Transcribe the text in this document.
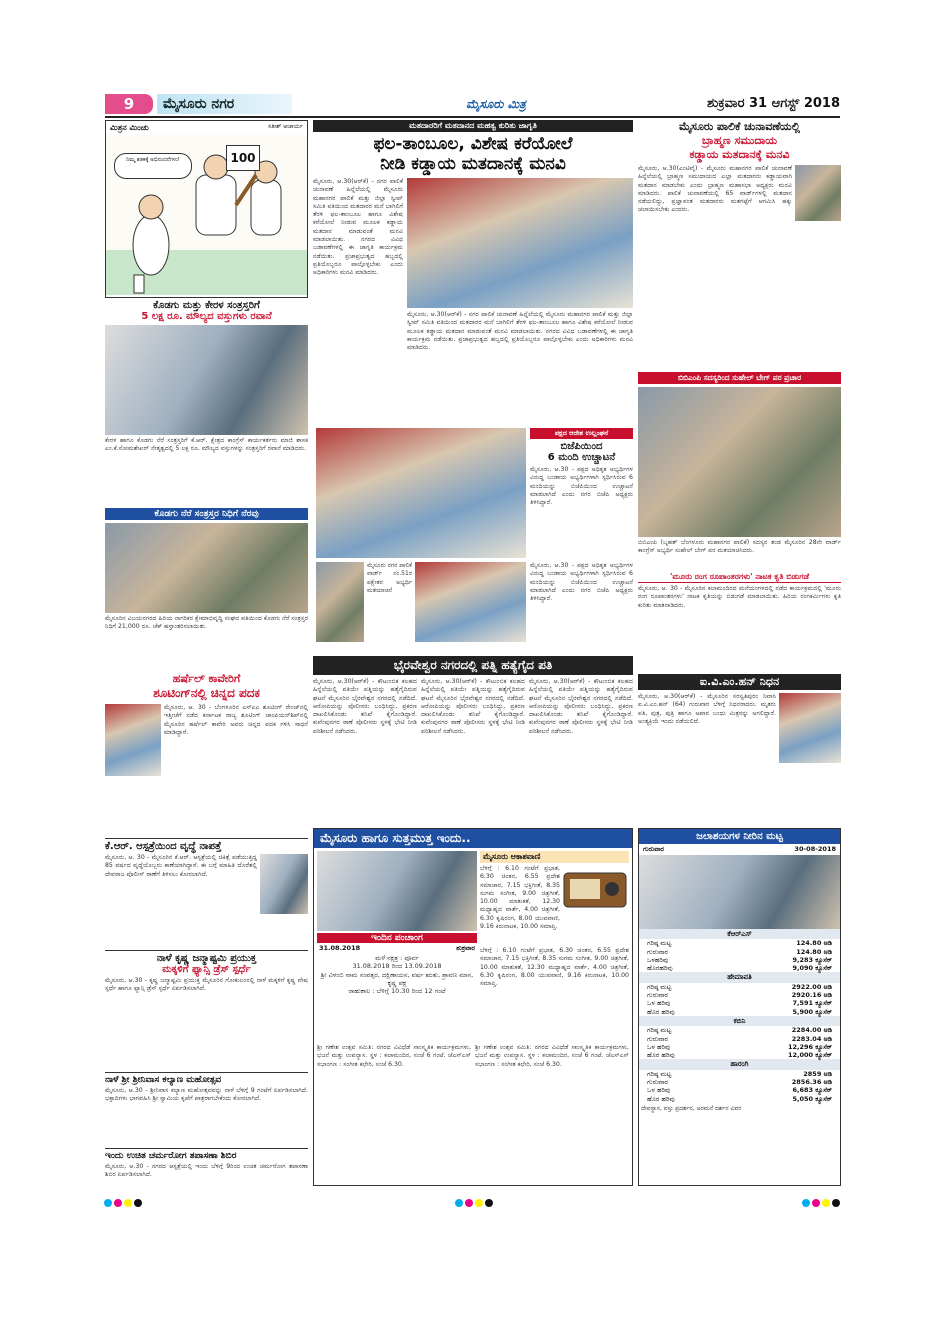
9	ಮೈಸೂರು ನಗರ	ಮೈಸೂರು ಮಿತ್ರ	ಶುಕ್ರವಾರ 31 ಆಗಸ್ಟ್ 2018
ಮಿತ್ರನ ಮಿಂಚು	ಸತೀಶ್ ಆಚಾರ್ಯ
ನಿಮ್ಮ ಶತಕಕ್ಕೆ ಅಭಿನಂದನೆಗಳು!	100
ಕೊಡಗು ಮತ್ತು ಕೇರಳ ಸಂತ್ರಸ್ತರಿಗೆ
5 ಲಕ್ಷ ರೂ. ಮೌಲ್ಯದ ವಸ್ತುಗಳು ರವಾನೆ
ಕೇರಳ ಹಾಗೂ ಕೊಡಗು ನೆರೆ ಸಂತ್ರಸ್ತರಿಗೆ ಕೆ.ಆರ್. ಕ್ಷೇತ್ರದ ಕಾಂಗ್ರೆಸ್ ಕಾರ್ಯಕರ್ತರು ಮಾಜಿ ಶಾಸಕ ಎಂ.ಕೆ.ಸೋಮಶೇಖರ್ ನೇತೃತ್ವದಲ್ಲಿ 5 ಲಕ್ಷ ರೂ. ಮೌಲ್ಯದ ವಸ್ತುಗಳನ್ನು ಸಂತ್ರಸ್ತರಿಗೆ ರವಾನೆ ಮಾಡಿದರು.
ಕೊಡಗು ನೆರೆ ಸಂತ್ರಸ್ತರ ನಿಧಿಗೆ ನೆರವು
ಮೈಸೂರಿನ ವಿಜಯನಗರದ ಹಿರಿಯ ನಾಗರಿಕರ ಕ್ಷೇಮಾಭಿವೃದ್ಧಿ ಸಂಘದ ವತಿಯಿಂದ ಕೊಡಗು ನೆರೆ ಸಂತ್ರಸ್ತರ ನಿಧಿಗೆ 21,000 ರೂ. ಚೆಕ್ ಹಸ್ತಾಂತರಿಸಲಾಯಿತು.
ಹರ್ಷೆಲ್ ಕಾವೇರಿಗೆ
ಶೂಟಿಂಗ್‌ನಲ್ಲಿ ಚಿನ್ನದ ಪದಕ
ಮೈಸೂರು, ಆ. 30 - ಬೆಂಗಳೂರಿನ ಎಸ್‌ಎಎ ಶೂಟಿಂಗ್ ರೇಂಜ್‌ನಲ್ಲಿ ಇತ್ತೀಚೆಗೆ ನಡೆದ ಕರ್ನಾಟಕ ರಾಜ್ಯ ಶೂಟಿಂಗ್ ಚಾಂಪಿಯನ್‌ಶಿಪ್‌ನಲ್ಲಿ ಮೈಸೂರಿನ ಹರ್ಷೆಲ್ ಕಾವೇರಿ ಅವರು ಚಿನ್ನದ ಪದಕ ಗಳಿಸಿ ಸಾಧನೆ ಮಾಡಿದ್ದಾರೆ.
ಕೆ.ಆರ್. ಆಸ್ಪತ್ರೆಯಿಂದ ವೃದ್ಧೆ ನಾಪತ್ತೆ
ಮೈಸೂರು, ಆ. 30 - ಮೈಸೂರಿನ ಕೆ.ಆರ್. ಆಸ್ಪತ್ರೆಯಲ್ಲಿ ಚಿಕಿತ್ಸೆ ಪಡೆಯುತ್ತಿದ್ದ 85 ವರ್ಷದ ವೃದ್ಧೆಯೊಬ್ಬರು ಕಾಣೆಯಾಗಿದ್ದಾರೆ. ಈ ಬಗ್ಗೆ ಮಾಹಿತಿ ದೊರೆತಲ್ಲಿ ದೇವರಾಜ ಪೊಲೀಸ್ ಠಾಣೆಗೆ ತಿಳಿಸಲು ಕೋರಲಾಗಿದೆ.
ನಾಳೆ ಕೃಷ್ಣ ಜನ್ಮಾಷ್ಟಮಿ ಪ್ರಯುಕ್ತ
ಮಕ್ಕಳಿಗೆ ಫ್ಯಾನ್ಸಿ ಡ್ರೆಸ್ ಸ್ಪರ್ಧೆ
ಮೈಸೂರು, ಆ.30 - ಕೃಷ್ಣ ಜನ್ಮಾಷ್ಟಮಿ ಪ್ರಯುಕ್ತ ಮೈಸೂರಿನ ಗೋಕುಲಂನಲ್ಲಿ ನಾಳೆ ಮಕ್ಕಳಿಗೆ ಕೃಷ್ಣ ವೇಷ ಸ್ಪರ್ಧೆ ಹಾಗೂ ಫ್ಯಾನ್ಸಿ ಡ್ರೆಸ್ ಸ್ಪರ್ಧೆ ಏರ್ಪಡಿಸಲಾಗಿದೆ.
ನಾಳೆ ಶ್ರೀ ಶ್ರೀನಿವಾಸ ಕಲ್ಯಾಣ ಮಹೋತ್ಸವ
ಮೈಸೂರು, ಆ.30 - ಶ್ರೀನಿವಾಸ ಕಲ್ಯಾಣ ಮಹೋತ್ಸವವನ್ನು ನಾಳೆ ಬೆಳಿಗ್ಗೆ 9 ಗಂಟೆಗೆ ಏರ್ಪಡಿಸಲಾಗಿದೆ. ಭಕ್ತಾದಿಗಳು ಭಾಗವಹಿಸಿ ಶ್ರೀ ಸ್ವಾಮಿಯ ಕೃಪೆಗೆ ಪಾತ್ರರಾಗಬೇಕೆಂದು ಕೋರಲಾಗಿದೆ.
ಇಂದು ಉಚಿತ ಚರ್ಮರೋಗ ತಪಾಸಣಾ ಶಿಬಿರ
ಮೈಸೂರು, ಆ.30 - ನಗರದ ಆಸ್ಪತ್ರೆಯಲ್ಲಿ ಇಂದು ಬೆಳಿಗ್ಗೆ 9ರಿಂದ ಉಚಿತ ಚರ್ಮರೋಗ ತಪಾಸಣಾ ಶಿಬಿರ ಏರ್ಪಡಿಸಲಾಗಿದೆ.
ಮತದಾರರಿಗೆ ಮತದಾನದ ಮಹತ್ವ ಕುರಿತು ಜಾಗೃತಿ
ಫಲ-ತಾಂಬೂಲ, ವಿಶೇಷ ಕರೆಯೋಲೆ
ನೀಡಿ ಕಡ್ಡಾಯ ಮತದಾನಕ್ಕೆ ಮನವಿ
ಮೈಸೂರು, ಆ.30(ಆರ್‌ಕೆ) - ನಗರ ಪಾಲಿಕೆ ಚುನಾವಣೆ ಹಿನ್ನೆಲೆಯಲ್ಲಿ ಮೈಸೂರು ಮಹಾನಗರ ಪಾಲಿಕೆ ಮತ್ತು ಜಿಲ್ಲಾ ಸ್ವೀಪ್ ಸಮಿತಿ ವತಿಯಿಂದ ಮತದಾರರ ಮನೆ ಬಾಗಿಲಿಗೆ ತೆರಳಿ ಫಲ-ತಾಂಬೂಲ ಹಾಗೂ ವಿಶೇಷ ಕರೆಯೋಲೆ ನೀಡುವ ಮೂಲಕ ಕಡ್ಡಾಯ ಮತದಾನ ಮಾಡುವಂತೆ ಮನವಿ ಮಾಡಲಾಯಿತು. ನಗರದ ವಿವಿಧ ಬಡಾವಣೆಗಳಲ್ಲಿ ಈ ಜಾಗೃತಿ ಕಾರ್ಯಕ್ರಮ ನಡೆಯಿತು. ಪ್ರಜಾಪ್ರಭುತ್ವದ ಹಬ್ಬದಲ್ಲಿ ಪ್ರತಿಯೊಬ್ಬರೂ ಪಾಲ್ಗೊಳ್ಳಬೇಕು ಎಂದು ಅಧಿಕಾರಿಗಳು ಮನವಿ ಮಾಡಿದರು.
ಮೈಸೂರು, ಆ.30(ಆರ್‌ಕೆ) - ನಗರ ಪಾಲಿಕೆ ಚುನಾವಣೆ ಹಿನ್ನೆಲೆಯಲ್ಲಿ ಮೈಸೂರು ಮಹಾನಗರ ಪಾಲಿಕೆ ಮತ್ತು ಜಿಲ್ಲಾ ಸ್ವೀಪ್ ಸಮಿತಿ ವತಿಯಿಂದ ಮತದಾರರ ಮನೆ ಬಾಗಿಲಿಗೆ ತೆರಳಿ ಫಲ-ತಾಂಬೂಲ ಹಾಗೂ ವಿಶೇಷ ಕರೆಯೋಲೆ ನೀಡುವ ಮೂಲಕ ಕಡ್ಡಾಯ ಮತದಾನ ಮಾಡುವಂತೆ ಮನವಿ ಮಾಡಲಾಯಿತು. ನಗರದ ವಿವಿಧ ಬಡಾವಣೆಗಳಲ್ಲಿ ಈ ಜಾಗೃತಿ ಕಾರ್ಯಕ್ರಮ ನಡೆಯಿತು. ಪ್ರಜಾಪ್ರಭುತ್ವದ ಹಬ್ಬದಲ್ಲಿ ಪ್ರತಿಯೊಬ್ಬರೂ ಪಾಲ್ಗೊಳ್ಳಬೇಕು ಎಂದು ಅಧಿಕಾರಿಗಳು ಮನವಿ ಮಾಡಿದರು.
ಪಕ್ಷದ ಆದೇಶ ಉಲ್ಲಂಘನೆ
ಬಿಜೆಪಿಯಿಂದ
6 ಮಂದಿ ಉಚ್ಚಾಟನೆ
ಮೈಸೂರು, ಆ.30 - ಪಕ್ಷದ ಅಧಿಕೃತ ಅಭ್ಯರ್ಥಿಗಳ ವಿರುದ್ಧ ಬಂಡಾಯ ಅಭ್ಯರ್ಥಿಗಳಾಗಿ ಸ್ಪರ್ಧಿಸಿರುವ 6 ಮಂದಿಯನ್ನು ಬಿಜೆಪಿಯಿಂದ ಉಚ್ಚಾಟನೆ ಮಾಡಲಾಗಿದೆ ಎಂದು ನಗರ ಬಿಜೆಪಿ ಅಧ್ಯಕ್ಷರು ತಿಳಿಸಿದ್ದಾರೆ.
ಮೈಸೂರು ನಗರ ಪಾಲಿಕೆ ವಾರ್ಡ್ ನಂ.51ರ ಪಕ್ಷೇತರ ಅಭ್ಯರ್ಥಿ ಮತಯಾಚನೆ
ಮೈಸೂರು, ಆ.30 - ಪಕ್ಷದ ಅಧಿಕೃತ ಅಭ್ಯರ್ಥಿಗಳ ವಿರುದ್ಧ ಬಂಡಾಯ ಅಭ್ಯರ್ಥಿಗಳಾಗಿ ಸ್ಪರ್ಧಿಸಿರುವ 6 ಮಂದಿಯನ್ನು ಬಿಜೆಪಿಯಿಂದ ಉಚ್ಚಾಟನೆ ಮಾಡಲಾಗಿದೆ ಎಂದು ನಗರ ಬಿಜೆಪಿ ಅಧ್ಯಕ್ಷರು ತಿಳಿಸಿದ್ದಾರೆ.
ಭೈರವೇಶ್ವರ ನಗರದಲ್ಲಿ ಪತ್ನಿ ಹತ್ಯೆಗೈದ ಪತಿ
ಮೈಸೂರು, ಆ.30(ಆರ್‌ಕೆ) - ಕೌಟುಂಬಿಕ ಕಲಹದ ಹಿನ್ನೆಲೆಯಲ್ಲಿ ಪತಿಯೇ ಪತ್ನಿಯನ್ನು ಹತ್ಯೆಗೈದಿರುವ ಘಟನೆ ಮೈಸೂರಿನ ಭೈರವೇಶ್ವರ ನಗರದಲ್ಲಿ ನಡೆದಿದೆ. ಆರೋಪಿಯನ್ನು ಪೊಲೀಸರು ಬಂಧಿಸಿದ್ದು, ಪ್ರಕರಣ ದಾಖಲಿಸಿಕೊಂಡು ತನಿಖೆ ಕೈಗೊಂಡಿದ್ದಾರೆ. ಕುವೆಂಪುನಗರ ಠಾಣೆ ಪೊಲೀಸರು ಸ್ಥಳಕ್ಕೆ ಭೇಟಿ ನೀಡಿ ಪರಿಶೀಲನೆ ನಡೆಸಿದರು.
ಮೈಸೂರು, ಆ.30(ಆರ್‌ಕೆ) - ಕೌಟುಂಬಿಕ ಕಲಹದ ಹಿನ್ನೆಲೆಯಲ್ಲಿ ಪತಿಯೇ ಪತ್ನಿಯನ್ನು ಹತ್ಯೆಗೈದಿರುವ ಘಟನೆ ಮೈಸೂರಿನ ಭೈರವೇಶ್ವರ ನಗರದಲ್ಲಿ ನಡೆದಿದೆ. ಆರೋಪಿಯನ್ನು ಪೊಲೀಸರು ಬಂಧಿಸಿದ್ದು, ಪ್ರಕರಣ ದಾಖಲಿಸಿಕೊಂಡು ತನಿಖೆ ಕೈಗೊಂಡಿದ್ದಾರೆ. ಕುವೆಂಪುನಗರ ಠಾಣೆ ಪೊಲೀಸರು ಸ್ಥಳಕ್ಕೆ ಭೇಟಿ ನೀಡಿ ಪರಿಶೀಲನೆ ನಡೆಸಿದರು.
ಮೈಸೂರು, ಆ.30(ಆರ್‌ಕೆ) - ಕೌಟುಂಬಿಕ ಕಲಹದ ಹಿನ್ನೆಲೆಯಲ್ಲಿ ಪತಿಯೇ ಪತ್ನಿಯನ್ನು ಹತ್ಯೆಗೈದಿರುವ ಘಟನೆ ಮೈಸೂರಿನ ಭೈರವೇಶ್ವರ ನಗರದಲ್ಲಿ ನಡೆದಿದೆ. ಆರೋಪಿಯನ್ನು ಪೊಲೀಸರು ಬಂಧಿಸಿದ್ದು, ಪ್ರಕರಣ ದಾಖಲಿಸಿಕೊಂಡು ತನಿಖೆ ಕೈಗೊಂಡಿದ್ದಾರೆ. ಕುವೆಂಪುನಗರ ಠಾಣೆ ಪೊಲೀಸರು ಸ್ಥಳಕ್ಕೆ ಭೇಟಿ ನೀಡಿ ಪರಿಶೀಲನೆ ನಡೆಸಿದರು.
ಮೈಸೂರು ಹಾಗೂ ಸುತ್ತಮುತ್ತ ಇಂದು..
ಇಂದಿನ ಪಂಚಾಂಗ
31.08.2018	ಶುಕ್ರವಾರ
ಮಳೆ ನಕ್ಷತ್ರ : ಪೂರ್ವ
31.08.2018 ರಿಂದ 13.09.2018
ಶ್ರೀ ವಿಳಂಬಿ ನಾಮ ಸಂವತ್ಸರ, ದಕ್ಷಿಣಾಯನ, ವರ್ಷ ಋತು, ಶ್ರಾವಣ ಮಾಸ, ಕೃಷ್ಣ ಪಕ್ಷ
ರಾಹುಕಾಲ : ಬೆಳಿಗ್ಗೆ 10.30 ರಿಂದ 12 ಗಂಟೆ
ಮೈಸೂರು ಆಕಾಶವಾಣಿ
ಬೆಳಿಗ್ಗೆ : 6.10 ಗಂಟೆಗೆ ಪ್ರಭಾತ, 6.30 ಚಿಂತನ, 6.55 ಪ್ರದೇಶ ಸಮಾಚಾರ, 7.15 ಭಕ್ತಿಗೀತೆ, 8.35 ಸುಗಮ ಸಂಗೀತ, 9.00 ಚಿತ್ರಗೀತೆ, 10.00 ಮಾತುಕತೆ, 12.30 ಮಧ್ಯಾಹ್ನದ ವಾರ್ತೆ, 4.00 ಚಿತ್ರಗೀತೆ, 6.30 ಕೃಷಿರಂಗ, 8.00 ಯುವವಾಣಿ, 9.16 ಕಿರುನಾಟಕ, 10.00 ಸಮಾಪ್ತಿ.
ಬೆಳಿಗ್ಗೆ : 6.10 ಗಂಟೆಗೆ ಪ್ರಭಾತ, 6.30 ಚಿಂತನ, 6.55 ಪ್ರದೇಶ ಸಮಾಚಾರ, 7.15 ಭಕ್ತಿಗೀತೆ, 8.35 ಸುಗಮ ಸಂಗೀತ, 9.00 ಚಿತ್ರಗೀತೆ, 10.00 ಮಾತುಕತೆ, 12.30 ಮಧ್ಯಾಹ್ನದ ವಾರ್ತೆ, 4.00 ಚಿತ್ರಗೀತೆ, 6.30 ಕೃಷಿರಂಗ, 8.00 ಯುವವಾಣಿ, 9.16 ಕಿರುನಾಟಕ, 10.00 ಸಮಾಪ್ತಿ.
ಶ್ರೀ ಗಣೇಶ ಉತ್ಸವ ಸಮಿತಿ: ನಗರದ ವಿವಿಧೆಡೆ ಸಾಂಸ್ಕೃತಿಕ ಕಾರ್ಯಕ್ರಮಗಳು, ಭಜನೆ ಮತ್ತು ಉಪನ್ಯಾಸ. ಸ್ಥಳ : ಕಲಾಮಂದಿರ, ಸಂಜೆ 6 ಗಂಟೆ. ಜೆಎಸ್‌ಎಸ್ ಸಭಾಂಗಣ : ಸಂಗೀತ ಕಛೇರಿ, ಸಂಜೆ 6.30.
ಶ್ರೀ ಗಣೇಶ ಉತ್ಸವ ಸಮಿತಿ: ನಗರದ ವಿವಿಧೆಡೆ ಸಾಂಸ್ಕೃತಿಕ ಕಾರ್ಯಕ್ರಮಗಳು, ಭಜನೆ ಮತ್ತು ಉಪನ್ಯಾಸ. ಸ್ಥಳ : ಕಲಾಮಂದಿರ, ಸಂಜೆ 6 ಗಂಟೆ. ಜೆಎಸ್‌ಎಸ್ ಸಭಾಂಗಣ : ಸಂಗೀತ ಕಛೇರಿ, ಸಂಜೆ 6.30.
ಮೈಸೂರು ಪಾಲಿಕೆ ಚುನಾವಣೆಯಲ್ಲಿ
ಬ್ರಾಹ್ಮಣ ಸಮುದಾಯ
ಕಡ್ಡಾಯ ಮತದಾನಕ್ಕೆ ಮನವಿ
ಮೈಸೂರು, ಆ.30(ಎಂಟಿವೈ) - ಮೈಸೂರು ಮಹಾನಗರ ಪಾಲಿಕೆ ಚುನಾವಣೆ ಹಿನ್ನೆಲೆಯಲ್ಲಿ ಬ್ರಾಹ್ಮಣ ಸಮುದಾಯದ ಎಲ್ಲಾ ಮತದಾರರು ಕಡ್ಡಾಯವಾಗಿ ಮತದಾನ ಮಾಡಬೇಕು ಎಂದು ಬ್ರಾಹ್ಮಣ ಮಹಾಸಭಾ ಅಧ್ಯಕ್ಷರು ಮನವಿ ಮಾಡಿದರು. ಪಾಲಿಕೆ ಚುನಾವಣೆಯಲ್ಲಿ 65 ವಾರ್ಡ್‌ಗಳಲ್ಲಿ ಮತದಾನ ನಡೆಯಲಿದ್ದು, ಪ್ರಜ್ಞಾವಂತ ಮತದಾರರು ಮತಗಟ್ಟೆಗೆ ಆಗಮಿಸಿ ಹಕ್ಕು ಚಲಾಯಿಸಬೇಕು ಎಂದರು.
ಬಿಬಿಎಂಪಿ ಸದಸ್ಯರಿಂದ ಸುಹೇಲ್ ಬೇಗ್ ಪರ ಪ್ರಚಾರ
ಬಿಬಿಎಂಪಿ (ಬೃಹತ್ ಬೆಂಗಳೂರು ಮಹಾನಗರ ಪಾಲಿಕೆ) ಸದಸ್ಯರ ತಂಡ ಮೈಸೂರಿನ 28ನೇ ವಾರ್ಡ್ ಕಾಂಗ್ರೆಸ್ ಅಭ್ಯರ್ಥಿ ಸುಹೇಲ್ ಬೇಗ್ ಪರ ಮತಯಾಚಿಸಿದರು.
'ಮೂರು ರಂಗ ರೂಪಾಂತರಗಳು' ನಾಟಕ ಕೃತಿ ಬಿಡುಗಡೆ
ಮೈಸೂರು, ಆ. 30 - ಮೈಸೂರಿನ ಕಲಾಮಂದಿರದ ಮನೆಯಂಗಳದಲ್ಲಿ ನಡೆದ ಕಾರ್ಯಕ್ರಮದಲ್ಲಿ 'ಮೂರು ರಂಗ ರೂಪಾಂತರಗಳು' ನಾಟಕ ಕೃತಿಯನ್ನು ಬಿಡುಗಡೆ ಮಾಡಲಾಯಿತು. ಹಿರಿಯ ರಂಗಕರ್ಮಿಗಳು ಕೃತಿ ಕುರಿತು ಮಾತನಾಡಿದರು.
ಐ.ವಿ.ಎಂ.ಹನ್ ನಿಧನ
ಮೈಸೂರು, ಆ.30(ಆರ್‌ಕೆ) - ಮೈಸೂರಿನ ಸರಸ್ವತಿಪುರಂ ನಿವಾಸಿ ಐ.ವಿ.ಎಂ.ಹನ್ (64) ಗುರುವಾರ ಬೆಳಿಗ್ಗೆ ನಿಧನರಾದರು. ಮೃತರು ಪತಿ, ಪುತ್ರ, ಪುತ್ರಿ ಹಾಗೂ ಅಪಾರ ಬಂಧು ಮಿತ್ರರನ್ನು ಅಗಲಿದ್ದಾರೆ. ಅಂತ್ಯಕ್ರಿಯೆ ಇಂದು ನಡೆಯಲಿದೆ.
ಜಲಾಶಯಗಳ ನೀರಿನ ಮಟ್ಟ
ಗುರುವಾರ	30-08-2018
ಕೆಆರ್‌ಎಸ್
ಗರಿಷ್ಠ ಮಟ್ಟ	124.80 ಅಡಿ
ಗುರುವಾರ	124.80 ಅಡಿ
ಒಳಹರಿವು	9,283 ಕ್ಯೂಸೆಕ್
ಹೊರಹರಿವು	9,090 ಕ್ಯೂಸೆಕ್
ಹೇಮಾವತಿ
ಗರಿಷ್ಠ ಮಟ್ಟ	2922.00 ಅಡಿ
ಗುರುವಾರ	2920.16 ಅಡಿ
ಒಳ ಹರಿವು	7,591 ಕ್ಯೂಸೆಕ್
ಹೊರ ಹರಿವು	5,900 ಕ್ಯೂಸೆಕ್
ಕಬಿನಿ
ಗರಿಷ್ಠ ಮಟ್ಟ	2284.00 ಅಡಿ
ಗುರುವಾರ	2283.04 ಅಡಿ
ಒಳ ಹರಿವು	12,296 ಕ್ಯೂಸೆಕ್
ಹೊರ ಹರಿವು	12,000 ಕ್ಯೂಸೆಕ್
ಹಾರಂಗಿ
ಗರಿಷ್ಠ ಮಟ್ಟ	2859 ಅಡಿ
ಗುರುವಾರ	2856.36 ಅಡಿ
ಒಳ ಹರಿವು	6,683 ಕ್ಯೂಸೆಕ್
ಹೊರ ಹರಿವು	5,050 ಕ್ಯೂಸೆಕ್
ದೇವಸ್ಥಾನ, ವಸ್ತು ಪ್ರದರ್ಶನ, ಅರಮನೆ ದರ್ಶನ ವಿವರ
